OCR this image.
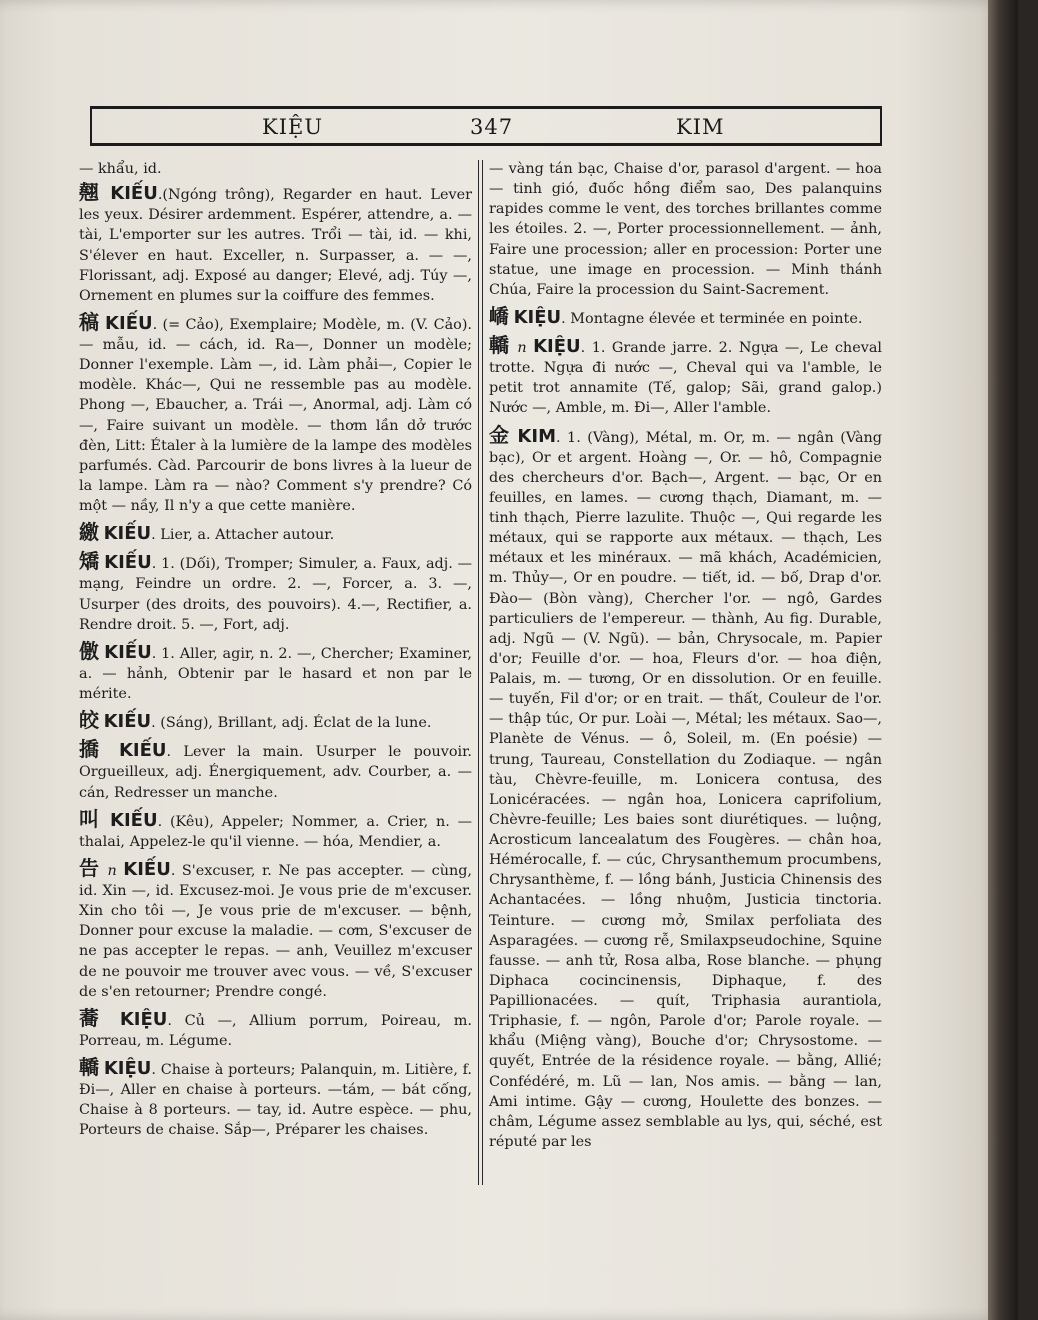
KIỆU	347	KIM

— khẩu, id.

翹 KIẾU.(Ngóng trông), Regarder en haut. Lever les yeux. Désirer ardemment. Espérer, attendre, a. — tài, L'emporter sur les autres. Trổi — tài, id. — khi, S'élever en haut. Exceller, n. Surpasser, a. — —, Florissant, adj. Exposé au danger; Elevé, adj. Túy —, Ornement en plumes sur la coiffure des femmes.

稿 KIẾU. (= Cảo), Exemplaire; Modèle, m. (V. Cảo).— mẫu, id. — cách, id. Ra—, Donner un modèle; Donner l'exemple. Làm —, id. Làm phải—, Copier le modèle. Khác—, Qui ne ressemble pas au modèle. Phong —, Ebaucher, a. Trái —, Anormal, adj. Làm có —, Faire suivant un modèle. — thơm lần dở trước đèn, Litt: Étaler à la lumière de la lampe des modèles parfumés. Càd. Parcourir de bons livres à la lueur de la lampe. Làm ra — nào? Comment s'y prendre? Có một — nầy, Il n'y a que cette manière.

繳 KIẾU. Lier, a. Attacher autour.

矯 KIẾU. 1. (Dối), Tromper; Simuler, a. Faux, adj. — mạng, Feindre un ordre. 2. —, Forcer, a. 3. —, Usurper (des droits, des pouvoirs). 4.—, Rectifier, a. Rendre droit. 5. —, Fort, adj.

儌 KIẾU. 1. Aller, agir, n. 2. —, Chercher; Examiner, a. — hảnh, Obtenir par le hasard et non par le mérite.

皎 KIẾU. (Sáng), Brillant, adj. Éclat de la lune.

撟 KIẾU. Lever la main. Usurper le pouvoir. Orgueilleux, adj. Énergiquement, adv. Courber, a. — cán, Redresser un manche.

叫 KIẾU. (Kêu), Appeler; Nommer, a. Crier, n. — thalai, Appelez-le qu'il vienne. — hóa, Mendier, a.

告 n KIẾU. S'excuser, r. Ne pas accepter. — cùng, id. Xin —, id. Excusez-moi. Je vous prie de m'excuser. Xin cho tôi —, Je vous prie de m'excuser. — bệnh, Donner pour excuse la maladie. — cơm, S'excuser de ne pas accepter le repas. — anh, Veuillez m'excuser de ne pouvoir me trouver avec vous. — về, S'excuser de s'en retourner; Prendre congé.

蕎 KIỆU. Củ —, Allium porrum, Poireau, m. Porreau, m. Légume.

轎 KIỆU. Chaise à porteurs; Palanquin, m. Litière, f. Đi—, Aller en chaise à porteurs. —tám, — bát cống, Chaise à 8 porteurs. — tay, id. Autre espèce. — phu, Porteurs de chaise. Sắp—, Préparer les chaises.

— vàng tán bạc, Chaise d'or, parasol d'argent. — hoa — tinh gió, đuốc hồng điểm sao, Des palanquins rapides comme le vent, des torches brillantes comme les étoiles. 2. —, Porter processionnellement. — ảnh, Faire une procession; aller en procession: Porter une statue, une image en procession. — Minh thánh Chúa, Faire la procession du Saint-Sacrement.

嶠 KIỆU. Montagne élevée et terminée en pointe.

轎 n KIỆU. 1. Grande jarre. 2. Ngựa —, Le cheval trotte. Ngựa đi nước —, Cheval qui va l'amble, le petit trot annamite (Tế, galop; Sãi, grand galop.) Nước —, Amble, m. Đi—, Aller l'amble.

金 KIM. 1. (Vàng), Métal, m. Or, m. — ngân (Vàng bạc), Or et argent. Hoàng —, Or. — hô, Compagnie des chercheurs d'or. Bạch—, Argent. — bạc, Or en feuilles, en lames. — cương thạch, Diamant, m. — tinh thạch, Pierre lazulite. Thuộc —, Qui regarde les métaux, qui se rapporte aux métaux. — thạch, Les métaux et les minéraux. — mã khách, Académicien, m. Thủy—, Or en poudre. — tiết, id. — bố, Drap d'or. Đào— (Bòn vàng), Chercher l'or. — ngô, Gardes particuliers de l'empereur. — thành, Au fig. Durable, adj. Ngũ — (V. Ngũ). — bản, Chrysocale, m. Papier d'or; Feuille d'or. — hoa, Fleurs d'or. — hoa điện, Palais, m. — tương, Or en dissolution. Or en feuille. — tuyến, Fil d'or; or en trait. — thất, Couleur de l'or. — thập túc, Or pur. Loài —, Métal; les métaux. Sao—, Planète de Vénus. — ô, Soleil, m. (En poésie) — trung, Taureau, Constellation du Zodiaque. — ngân tàu, Chèvre-feuille, m. Lonicera contusa, des Lonicéracées. — ngân hoa, Lonicera caprifolium, Chèvre-feuille; Les baies sont diurétiques. — luộng, Acrosticum lancealatum des Fougères. — chân hoa, Hémérocalle, f. — cúc, Chrysanthemum procumbens, Chrysanthème, f. — lồng bánh, Justicia Chinensis des Achantacées. — lồng nhuộm, Justicia tinctoria. Teinture. — cương mở, Smilax perfoliata des Asparagées. — cương rễ, Smilaxpseudochine, Squine fausse. — anh tử, Rosa alba, Rose blanche. — phụng Diphaca cocincinensis, Diphaque, f. des Papillionacées. — quít, Triphasia aurantiola, Triphasie, f. — ngôn, Parole d'or; Parole royale. — khẩu (Miệng vàng), Bouche d'or; Chrysostome. — quyết, Entrée de la résidence royale. — bằng, Allié; Confédéré, m. Lũ — lan, Nos amis. — bằng — lan, Ami intime. Gậy — cương, Houlette des bonzes. — châm, Légume assez semblable au lys, qui, séché, est réputé par les
